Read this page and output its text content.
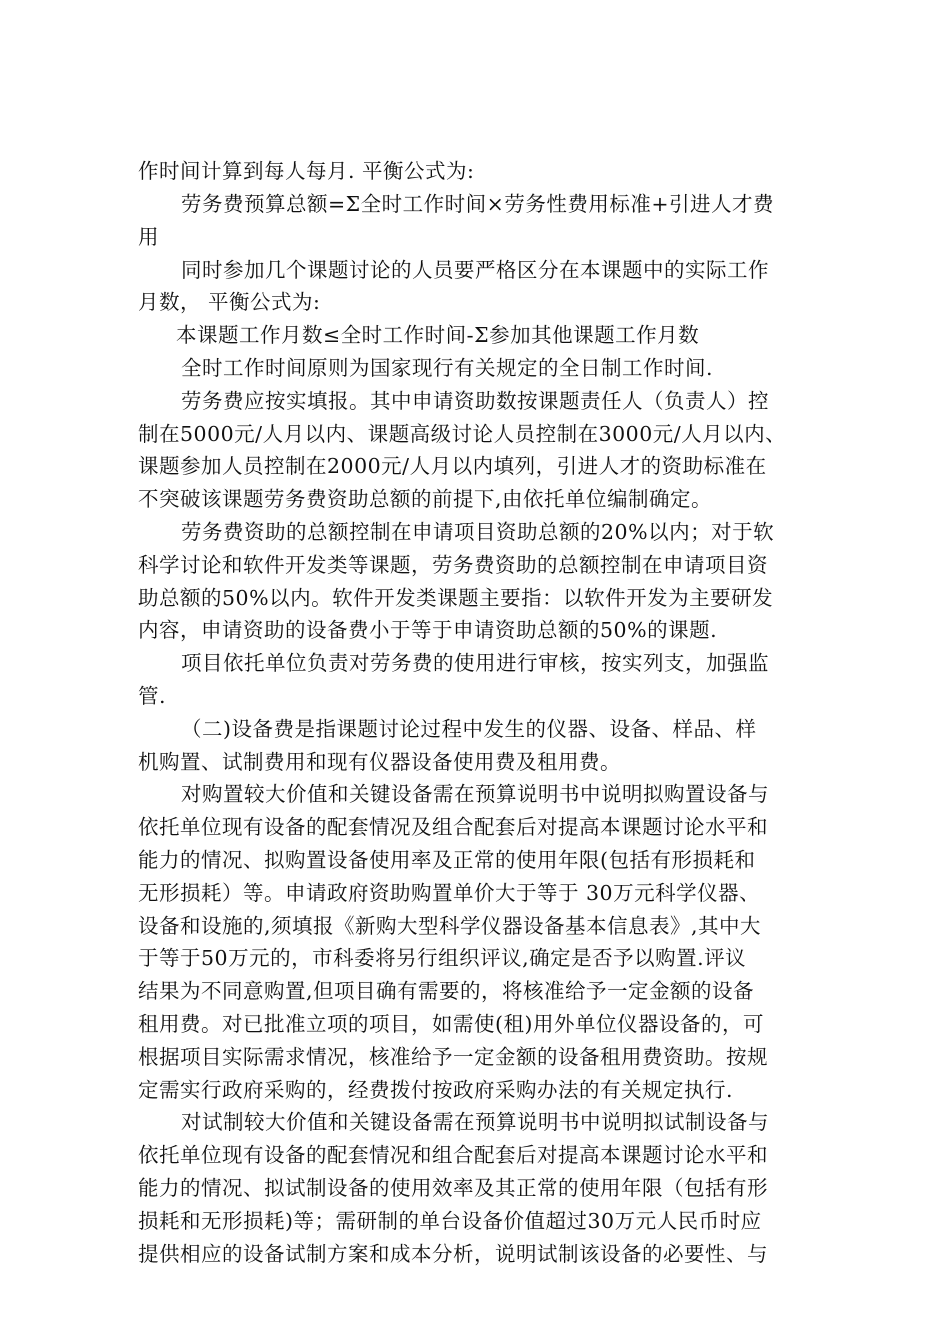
作时间计算到每人每月. 平衡公式为:
劳务费预算总额=Σ全时工作时间×劳务性费用标准+引进人才费
用
同时参加几个课题讨论的人员要严格区分在本课题中的实际工作
月数， 平衡公式为:
本课题工作月数≤全时工作时间-Σ参加其他课题工作月数
全时工作时间原则为国家现行有关规定的全日制工作时间.
劳务费应按实填报。其中申请资助数按课题责任人（负责人）控
制在5000元/人月以内、课题高级讨论人员控制在3000元/人月以内、
课题参加人员控制在2000元/人月以内填列，引进人才的资助标准在
不突破该课题劳务费资助总额的前提下,由依托单位编制确定。
劳务费资助的总额控制在申请项目资助总额的20%以内；对于软
科学讨论和软件开发类等课题，劳务费资助的总额控制在申请项目资
助总额的50%以内。软件开发类课题主要指：以软件开发为主要研发
内容，申请资助的设备费小于等于申请资助总额的50%的课题.
项目依托单位负责对劳务费的使用进行审核，按实列支，加强监
管.
（二)设备费是指课题讨论过程中发生的仪器、设备、样品、样
机购置、试制费用和现有仪器设备使用费及租用费。
对购置较大价值和关键设备需在预算说明书中说明拟购置设备与
依托单位现有设备的配套情况及组合配套后对提高本课题讨论水平和
能力的情况、拟购置设备使用率及正常的使用年限(包括有形损耗和
无形损耗）等。申请政府资助购置单价大于等于 30万元科学仪器、
设备和设施的,须填报《新购大型科学仪器设备基本信息表》,其中大
于等于50万元的，市科委将另行组织评议,确定是否予以购置.评议
结果为不同意购置,但项目确有需要的，将核准给予一定金额的设备
租用费。对已批准立项的项目，如需使(租)用外单位仪器设备的，可
根据项目实际需求情况，核准给予一定金额的设备租用费资助。按规
定需实行政府采购的，经费拨付按政府采购办法的有关规定执行.
对试制较大价值和关键设备需在预算说明书中说明拟试制设备与
依托单位现有设备的配套情况和组合配套后对提高本课题讨论水平和
能力的情况、拟试制设备的使用效率及其正常的使用年限（包括有形
损耗和无形损耗)等；需研制的单台设备价值超过30万元人民币时应
提供相应的设备试制方案和成本分析，说明试制该设备的必要性、与
